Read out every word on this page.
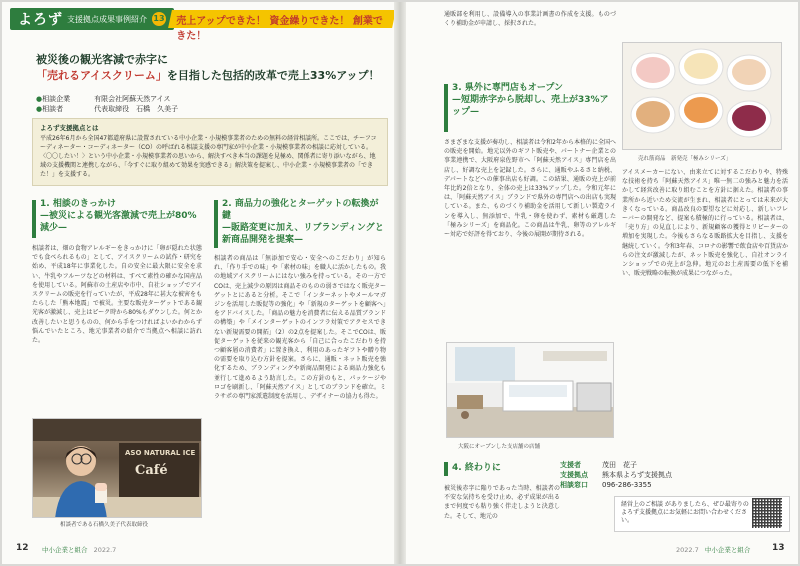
よろず 支援拠点成果事例紹介 13	売上アップできた！ 資金繰りできた！ 創業できた！
被災後の観光客減で赤字に
「売れるアイスクリーム」を目指した包括的改革で売上33%アップ！
● 相談企業	有限会社阿蘇天然アイス
● 相談者	代表取締役　石橋　久美子
よろず支援拠点とは
平成26年6月から全国47都道府県に設置されている中小企業・小規模事業者のための無料の経営相談所。ここでは、チーフコーディネーター・コーディネーター（CO）の呼ばれる相談支援の専門家が中小企業・小規模事業者の相談に応対している。〈〇〇したい！〉という中小企業・小規模事業者の思いから、解決すべき本当の課題を見極め、関係者に寄り添いながら、地域の支援機関と連携しながら、「今すぐに取り組めて効果を実感できる」解決策を提案し、中小企業・小規模事業者の「できた！」を支援する。
1. 相談のきっかけ
—被災による観光客激減で売上が80%減少—
相談者は、畑の食物アレルギーをきっかけに「卵が隠れた状態でも食べられるもの」として、アイスクリームの試作・研究を始め、平成18年に事業化した。自の安全に最大限に安全を求い、牛乳やフルーツなどの材料は、すべて素性の確かな国産品を使用している。阿蘇市の土産店や市中、自社ショップでアイスクリームの販売を行っていたが、平成28年に甚大な被害をもたらした「熊本地震」で被災。主要な販売ターゲットである観光客が激減し、売上はピーク時から80%もダウンした。何とか改善したいと思うものの、何から手をつければよいかわからず悩んでいたところ、地元事業者の紹介で当拠点へ相談に訪れた。
2. 商品力の強化とターゲットの転換が鍵
—販路変更に加え、リブランディングと新商品開発を提案—
相談者の商品は「無添加で安心・安全へのこだわり」が知られ、「作り手での味」や「素材の味」を職人に活かしたもの。我の地域アイスクリームにはない強みを持っている。その一方でCOは、売上減少の原因は商品そのものの弱さではなく販売ターゲットとにあると分析。そこで「インターネットやメールマガジンを活用した販促等の強化」や「新規のターゲットを顧客へ」をアドバイスした。「商品の魅力を消費者に伝える品質ブランドの構築」や「メインターゲットのインフラ対策でアクセスできない新規需要の開拓」（2）の2点を提案した。そこでCOは、販促ターゲットを従来の観光客から「自己に合ったこだわりを持つ顧客層の消費者」に置き換え、利用のあったギフトや贈り物の需要を取り込む方針を提案。さらに、通販・ネット販売を強化するため、ブランディングや新商品開発による商品力強化も並行して進めるよう助言した。この方針のもと、パッケージやロゴを刷新し、「阿蘇天然アイス」としてのブランドを確立。ミラサポの専門家派遣制度を活用し、デザイナーの協力も得た。
ASO NATURAL ICE
Café
相談者である石橋久美子代表取締役
12 中小企業と組合 2022.7
通販部を利用し、設備導入の事業計画書の作成を支援。ものづくり補助金が申請し、採択された。
3. 県外に専門店もオープン
—短期赤字から脱却し、売上が33%アップ—
さまざまな支援が奏功し、相談者は令和2年から本格的に全国への販売を開始。地元以外のギフト販売や、パートナー企業との事業連携で、大阪府泉佐野市へ「阿蘇天然アイス」専門店を出店し、好調な売上を記録した。さらに、通販やふるさと納税、デパートなどへの催事出店も好調。この結果、通販の売上が前年比約2倍となり、全体の売上は33%アップした。令和元年には、「阿蘇天然アイス」ブランドで県外の専門店への出店も実現している。また、ものづくり補助金を活用して新しい製造ラインを導入し、無添加で、牛乳・卵を使わず、素材も厳選した「極みシリーズ」を商品化。この商品は牛乳、卵等のアレルギー対応で好評を得ており、今後の展開が期待される。
売れ筋商品　新発売「極みシリーズ」
アイスメーカーにない、由来立てに対するこだわりや、特殊な技術を持ち「阿蘇天然アイス」唯一無二の強みと魅力を活かして経営改善に取り組むことを方針に据えた。相談者の事業所から近いため交流が生まれ、相談者にとっては未来が大きくなっている。商品改良の要望などに対応し、新しいフレーバーの開発など、提案も積極的に行っている。相談者は、「売り方」の見直しにより、新規顧客の獲得とリピーターの増加を実現した。今後もさらなる販路拡大を目指し、支援を継続していく。令和3年春、コロナの影響で飲食店や百貨店からの注文が激減したが、ネット販売を強化し、自社オンラインショップでの売上が急伸。地元のお土産需要の低下を補い、販売戦略の転換が成果につながった。
大阪にオープンした支店舗の店舗
4. 終わりに
被災後赤字に陥りであった当時、相談者の不安な気持ちを受け止め、必ず成果が出るまで何度でも粘り強く伴走しようと決意した。そして、地元の
支援者	茂田　花子
支援拠点	熊本県よろず支援拠点
相談窓口	096-286-3355
経営上のご相談 がありましたら、ぜひ最寄りのよろず支援拠点にお気軽にお問い合わせください。
2022.7 中小企業と組合 13
